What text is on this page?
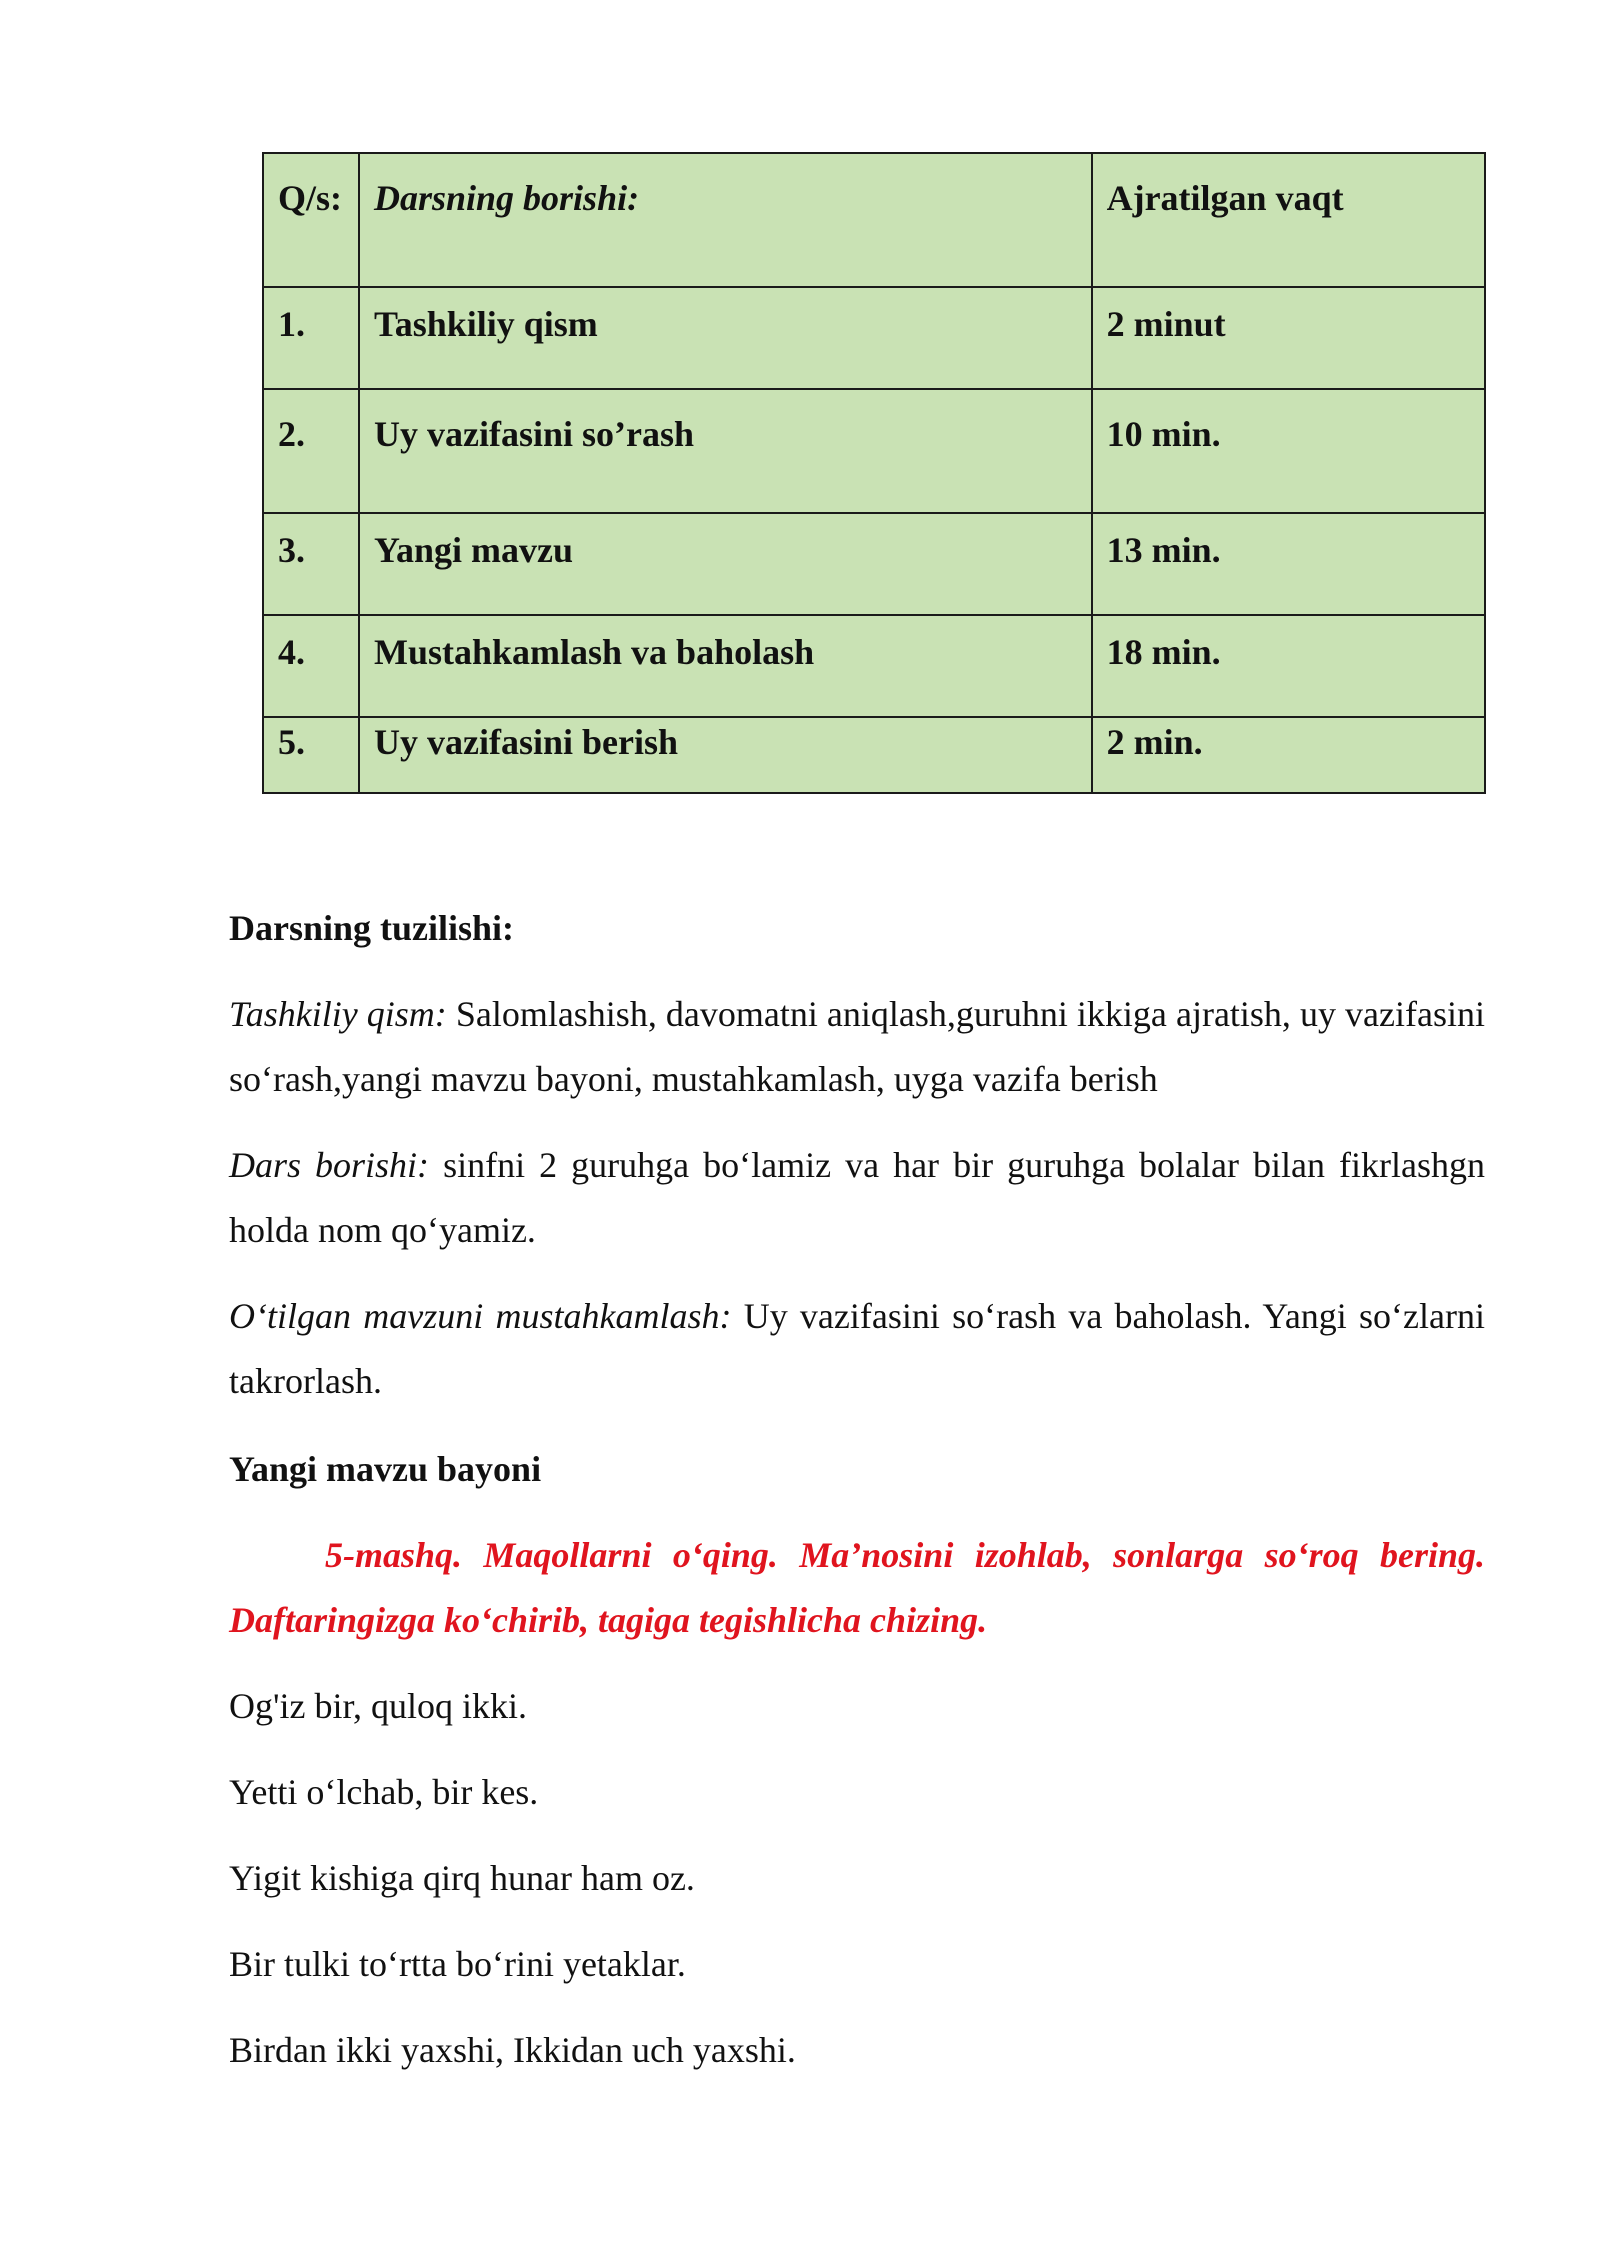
Q/s:	Darsning borishi:	Ajratilgan vaqt
1.	Tashkiliy qism	2 minut
2.	Uy vazifasini so’rash	10 min.
3.	Yangi mavzu	13 min.
4.	Mustahkamlash va baholash	18 min.
5.	Uy vazifasini berish	2 min.
Darsning tuzilishi:
Tashkiliy qism: Salomlashish, davomatni aniqlash,guruhni ikkiga ajratish, uy vazifasini so‘rash,yangi mavzu bayoni, mustahkamlash, uyga vazifa berish
Dars borishi: sinfni 2 guruhga bo‘lamiz va har bir guruhga bolalar bilan fikrlashgn holda nom qo‘yamiz.
O‘tilgan mavzuni mustahkamlash: Uy vazifasini so‘rash va baholash. Yangi so‘zlarni takrorlash.
Yangi mavzu bayoni
5-mashq. Maqollarni o‘qing. Ma’nosini izohlab, sonlarga so‘roq bering. Daftaringizga ko‘chirib, tagiga tegishlicha chizing.
Og'iz bir, quloq ikki.
Yetti o‘lchab, bir kes.
Yigit kishiga qirq hunar ham oz.
Bir tulki to‘rtta bo‘rini yetaklar.
Birdan ikki yaxshi, Ikkidan uch yaxshi.
